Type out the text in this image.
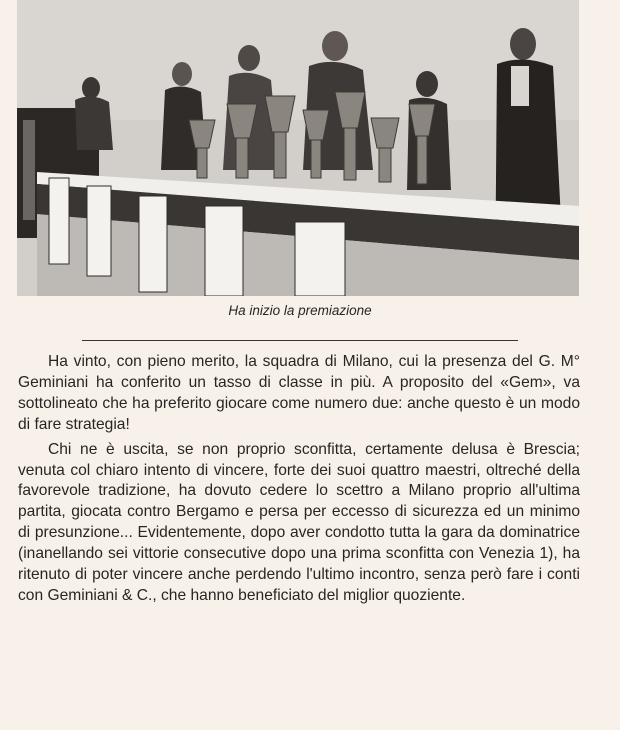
Ha inizio la premiazione

Ha vinto, con pieno merito, la squadra di Milano, cui la presenza del G. M° Geminiani ha conferito un tasso di classe in più. A proposito del «Gem», va sottolineato che ha preferito giocare come numero due: anche questo è un modo di fare strategia!

Chi ne è uscita, se non proprio sconfitta, certamente delusa è Brescia; venuta col chiaro intento di vincere, forte dei suoi quattro maestri, oltreché della favorevole tradizione, ha dovuto cedere lo scettro a Milano proprio all'ultima partita, giocata contro Bergamo e persa per eccesso di sicurezza ed un minimo di presunzione... Evidentemente, dopo aver condotto tutta la gara da dominatrice (inanellando sei vittorie consecutive dopo una prima sconfitta con Venezia 1), ha ritenuto di poter vincere anche perdendo l'ultimo incontro, senza però fare i conti con Geminiani & C., che hanno beneficiato del miglior quoziente.
